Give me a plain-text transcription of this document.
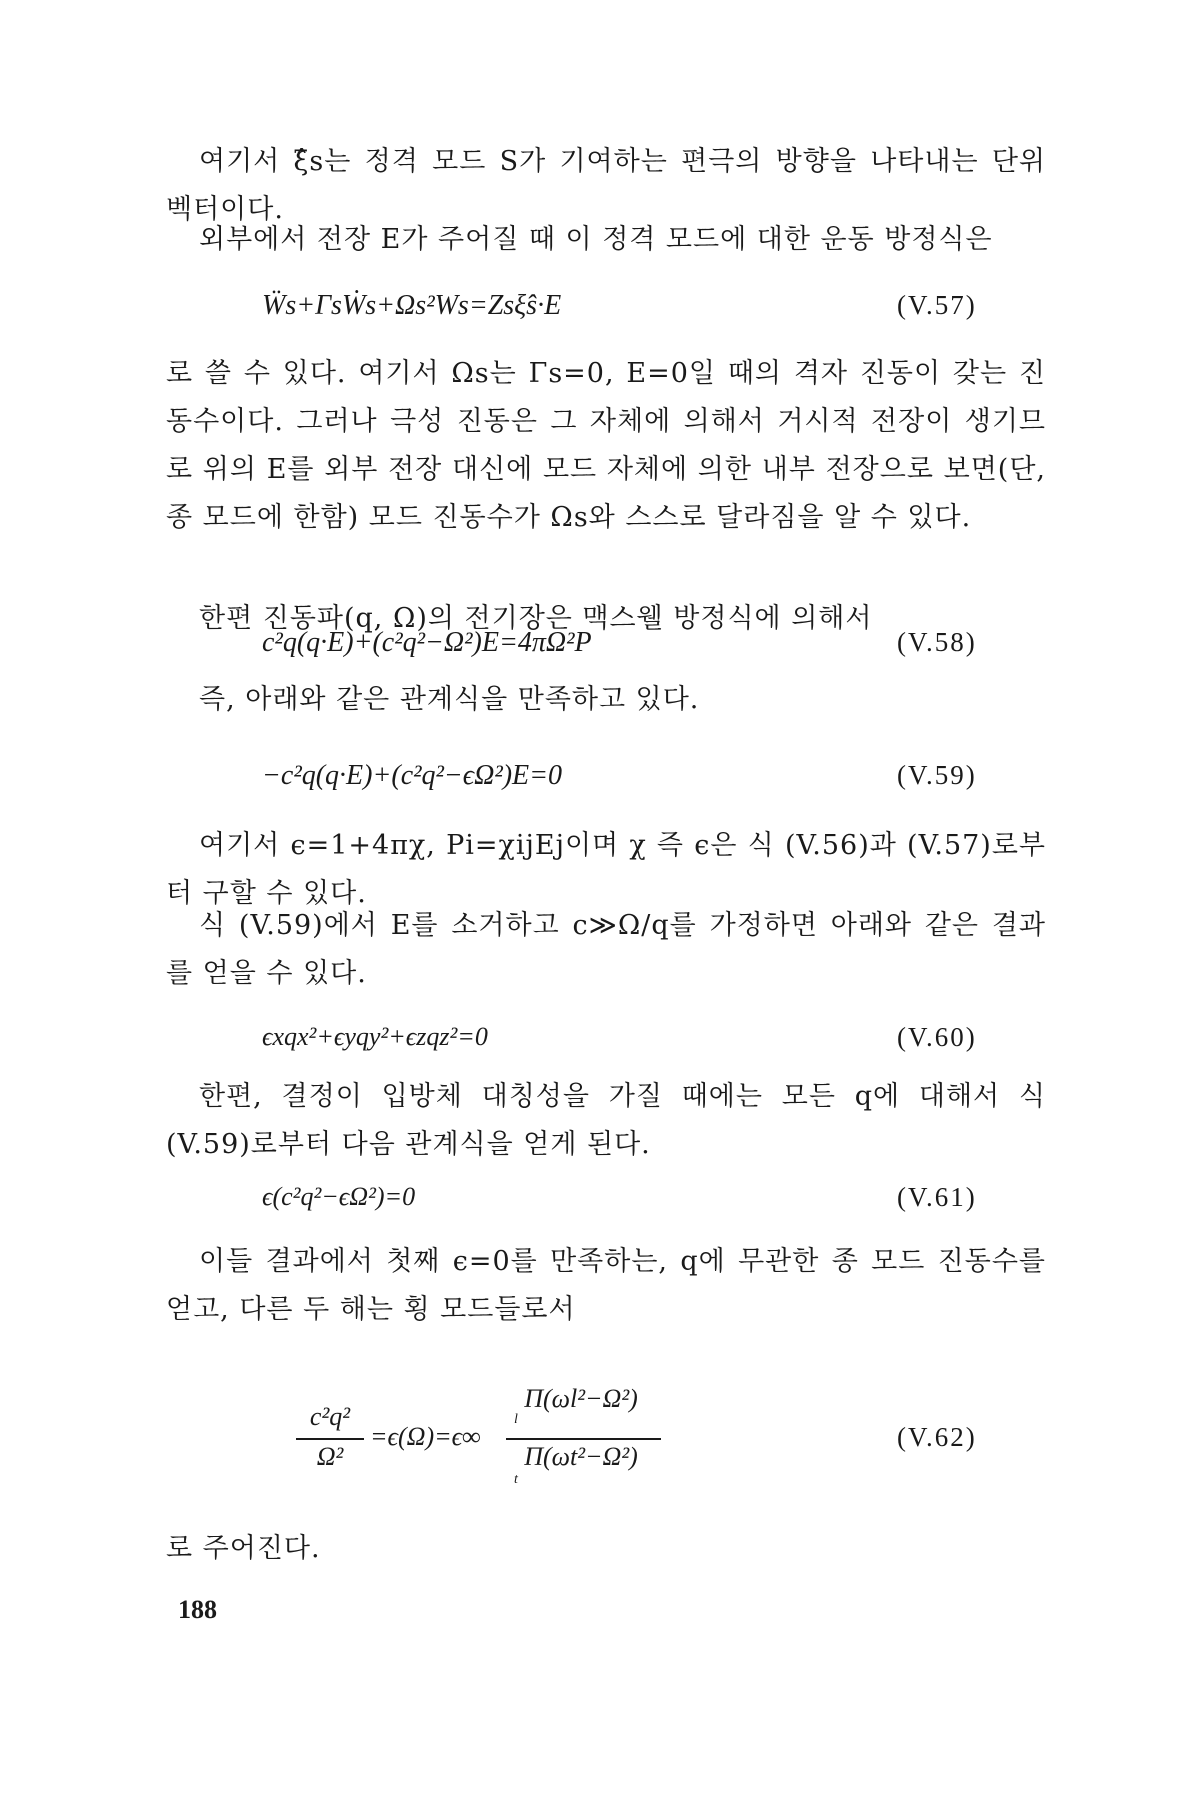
여기서 ξ̂s는 정격 모드 S가 기여하는 편극의 방향을 나타내는 단위 벡터이다.

외부에서 전장 E가 주어질 때 이 정격 모드에 대한 운동 방정식은

Ẅs+ΓsẆs+Ωs²Ws=Zsξ̂s·E	(V.57)

로 쓸 수 있다. 여기서 Ωs는 Γs=0, E=0일 때의 격자 진동이 갖는 진동수이다. 그러나 극성 진동은 그 자체에 의해서 거시적 전장이 생기므로 위의 E를 외부 전장 대신에 모드 자체에 의한 내부 전장으로 보면(단, 종 모드에 한함) 모드 진동수가 Ωs와 스스로 달라짐을 알 수 있다.

한편 진동파(q, Ω)의 전기장은 맥스웰 방정식에 의해서

c²q(q·E)+(c²q²−Ω²)E=4πΩ²P	(V.58)

즉, 아래와 같은 관계식을 만족하고 있다.

−c²q(q·E)+(c²q²−ϵΩ²)E=0	(V.59)

여기서 ϵ=1+4πχ, Pi=χijEj이며 χ 즉 ϵ은 식 (V.56)과 (V.57)로부터 구할 수 있다.

식 (V.59)에서 E를 소거하고 c≫Ω/q를 가정하면 아래와 같은 결과를 얻을 수 있다.

ϵxqx²+ϵyqy²+ϵzqz²=0	(V.60)

한편, 결정이 입방체 대칭성을 가질 때에는 모든 q에 대해서 식 (V.59)로부터 다음 관계식을 얻게 된다.

ϵ(c²q²−ϵΩ²)=0	(V.61)

이들 결과에서 첫째 ϵ=0를 만족하는, q에 무관한 종 모드 진동수를 얻고, 다른 두 해는 횡 모드들로서

c²q²
Ω²
=ϵ(Ω)=ϵ∞
Π(ωl²−Ω²)
l
Π(ωt²−Ω²)
t
(V.62)

로 주어진다.

188
